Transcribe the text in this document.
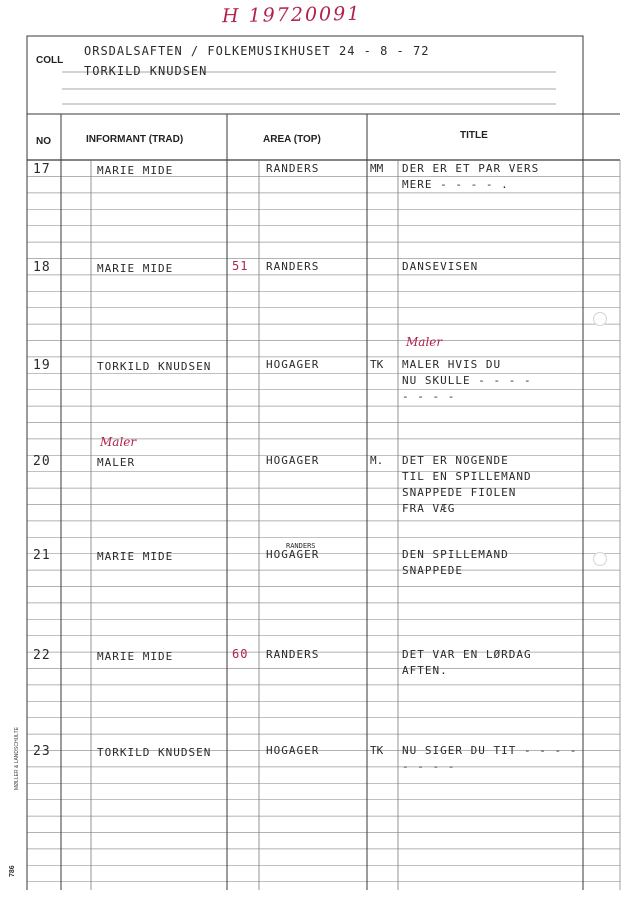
H 19720091
COLL
ORSDALSAFTEN / FOLKEMUSIKHUSET 24 - 8 - 72
TORKILD KNUDSEN
NO	INFORMANT (TRAD)	AREA (TOP)	TITLE
17	MARIE MIDE	RANDERS	MM DER ER ET PAR VERS
MERE - - - - .
18	MARIE MIDE	51 RANDERS	DANSEVISEN
19	TORKILD KNUDSEN	HOGAGER	TK MALER HVIS DU
NU SKULLE - - - -
- - - -
20	MALER	HOGAGER	M. DET ER NOGENDE
TIL EN SPILLEMAND
SNAPPEDE FIOLEN
FRA VÆG
21	MARIE MIDE	HOGAGER	DEN SPILLEMAND
SNAPPEDE
22	MARIE MIDE	60 RANDERS	DET VAR EN LØRDAG
AFTEN.
23	TORKILD KNUDSEN	HOGAGER	TK NU SIGER DU TIT - - - -
- - - -
Maler
Maler
RANDERS
786
MØLLER & LANDSCHULTE
